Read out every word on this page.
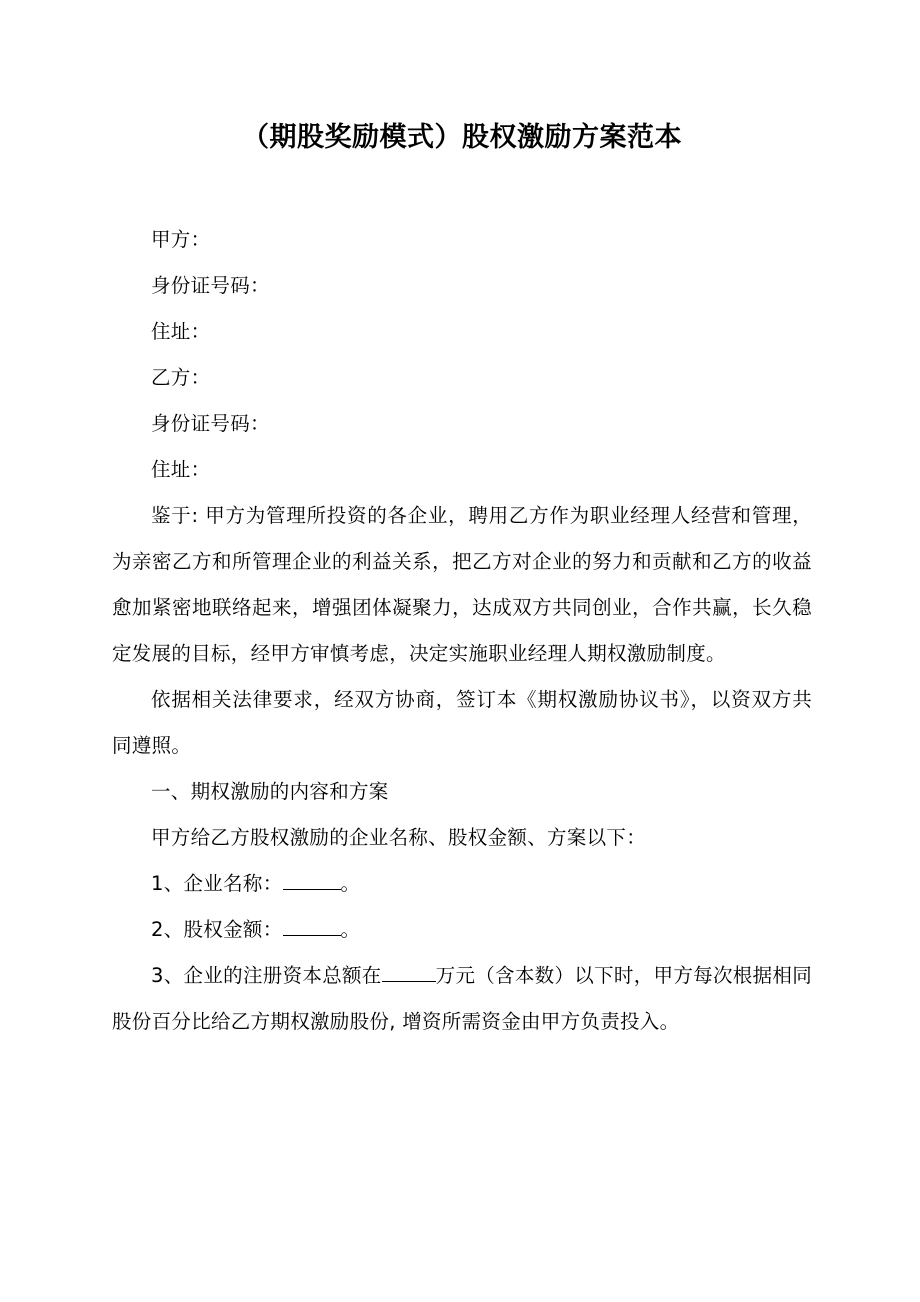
（期股奖励模式）股权激励方案范本
甲方：
身份证号码：
住址：
乙方：
身份证号码：
住址：
鉴于: 甲方为管理所投资的各企业，聘用乙方作为职业经理人经营和管理，为亲密乙方和所管理企业的利益关系，把乙方对企业的努力和贡献和乙方的收益愈加紧密地联络起来，增强团体凝聚力，达成双方共同创业，合作共赢，长久稳定发展的目标，经甲方审慎考虑，决定实施职业经理人期权激励制度。
依据相关法律要求，经双方协商，签订本《期权激励协议书》，以资双方共同遵照。
一、期权激励的内容和方案
甲方给乙方股权激励的企业名称、股权金额、方案以下：
1、企业名称：	。
2、股权金额：	。
3、企业的注册资本总额在	万元（含本数）以下时，甲方每次根据相同股份百分比给乙方期权激励股份, 增资所需资金由甲方负责投入。
